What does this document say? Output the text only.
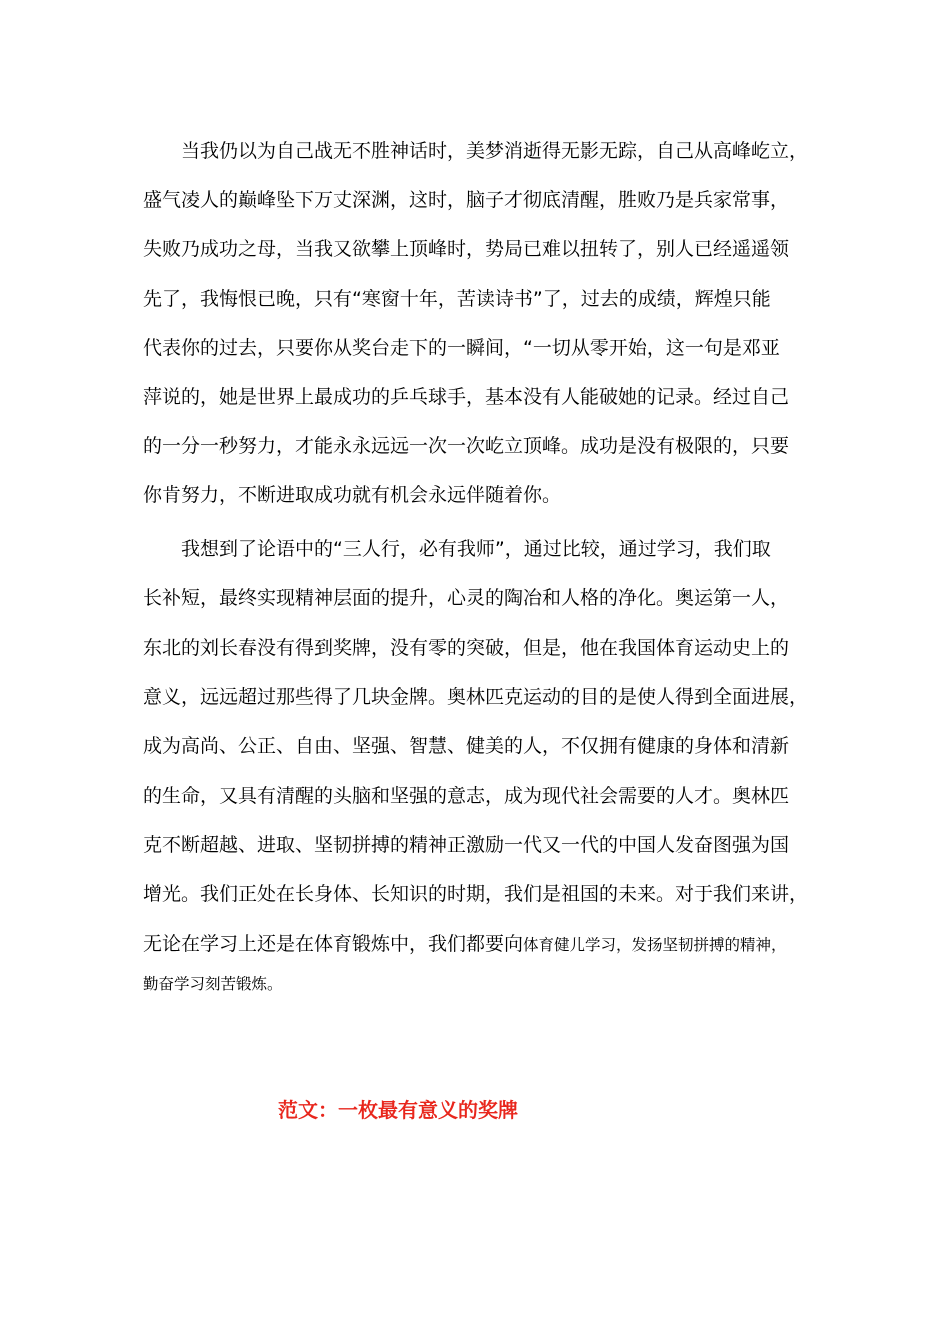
　　当我仍以为自己战无不胜神话时，美梦消逝得无影无踪，自己从高峰屹立，
盛气凌人的巅峰坠下万丈深渊，这时，脑子才彻底清醒，胜败乃是兵家常事，
失败乃成功之母，当我又欲攀上顶峰时，势局已难以扭转了，别人已经遥遥领
先了，我悔恨已晚，只有“寒窗十年，苦读诗书”了，过去的成绩，辉煌只能
代表你的过去，只要你从奖台走下的一瞬间，“一切从零开始，这一句是邓亚
萍说的，她是世界上最成功的乒乓球手，基本没有人能破她的记录。经过自己
的一分一秒努力，才能永永远远一次一次屹立顶峰。成功是没有极限的，只要
你肯努力，不断进取成功就有机会永远伴随着你。
　　我想到了论语中的“三人行，必有我师”，通过比较，通过学习，我们取
长补短，最终实现精神层面的提升，心灵的陶冶和人格的净化。奥运第一人，
东北的刘长春没有得到奖牌，没有零的突破，但是，他在我国体育运动史上的
意义，远远超过那些得了几块金牌。奥林匹克运动的目的是使人得到全面进展，
成为高尚、公正、自由、坚强、智慧、健美的人，不仅拥有健康的身体和清新
的生命，又具有清醒的头脑和坚强的意志，成为现代社会需要的人才。奥林匹
克不断超越、进取、坚韧拼搏的精神正激励一代又一代的中国人发奋图强为国
增光。我们正处在长身体、长知识的时期，我们是祖国的未来。对于我们来讲，
无论在学习上还是在体育锻炼中，我们都要向体育健儿学习，发扬坚韧拼搏的精神，
勤奋学习刻苦锻炼。
范文：一枚最有意义的奖牌
